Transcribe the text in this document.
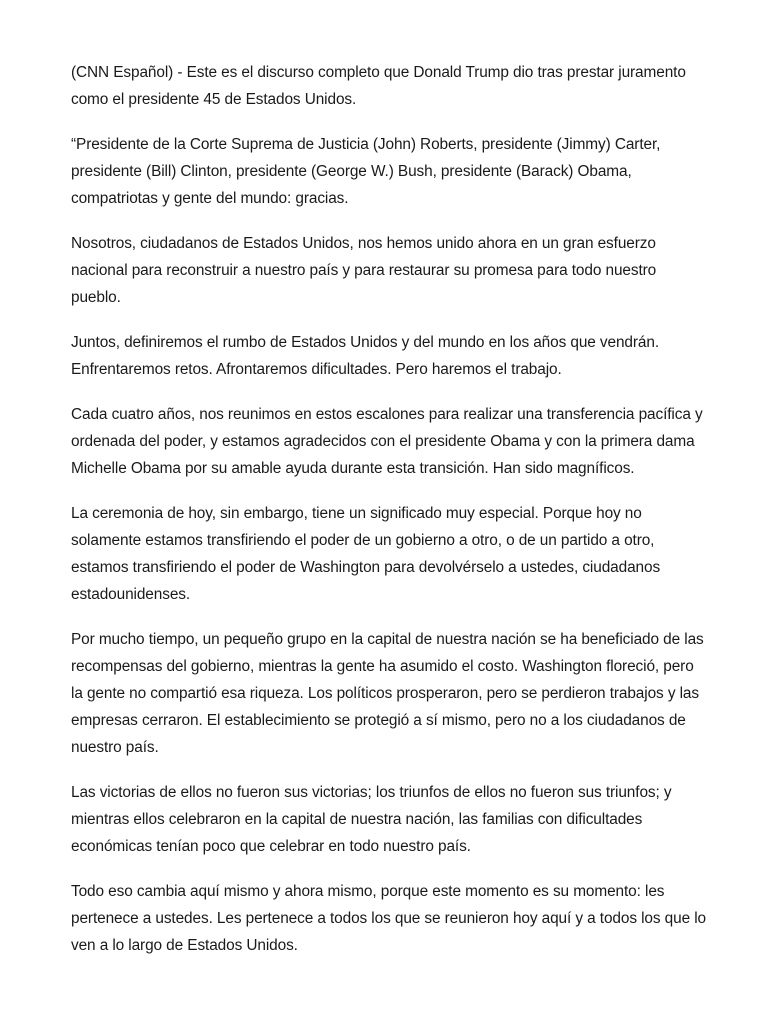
(CNN Español) - Este es el discurso completo que Donald Trump dio tras prestar juramento como el presidente 45 de Estados Unidos.

“Presidente de la Corte Suprema de Justicia (John) Roberts, presidente (Jimmy) Carter, presidente (Bill) Clinton, presidente (George W.) Bush, presidente (Barack) Obama, compatriotas y gente del mundo: gracias.

Nosotros, ciudadanos de Estados Unidos, nos hemos unido ahora en un gran esfuerzo nacional para reconstruir a nuestro país y para restaurar su promesa para todo nuestro pueblo.

Juntos, definiremos el rumbo de Estados Unidos y del mundo en los años que vendrán. Enfrentaremos retos. Afrontaremos dificultades. Pero haremos el trabajo.

Cada cuatro años, nos reunimos en estos escalones para realizar una transferencia pacífica y ordenada del poder, y estamos agradecidos con el presidente Obama y con la primera dama Michelle Obama por su amable ayuda durante esta transición. Han sido magníficos.

La ceremonia de hoy, sin embargo, tiene un significado muy especial. Porque hoy no solamente estamos transfiriendo el poder de un gobierno a otro, o de un partido a otro, estamos transfiriendo el poder de Washington para devolvérselo a ustedes, ciudadanos estadounidenses.

Por mucho tiempo, un pequeño grupo en la capital de nuestra nación se ha beneficiado de las recompensas del gobierno, mientras la gente ha asumido el costo. Washington floreció, pero la gente no compartió esa riqueza. Los políticos prosperaron, pero se perdieron trabajos y las empresas cerraron. El establecimiento se protegió a sí mismo, pero no a los ciudadanos de nuestro país.

Las victorias de ellos no fueron sus victorias; los triunfos de ellos no fueron sus triunfos; y mientras ellos celebraron en la capital de nuestra nación, las familias con dificultades económicas tenían poco que celebrar en todo nuestro país.

Todo eso cambia aquí mismo y ahora mismo, porque este momento es su momento: les pertenece a ustedes. Les pertenece a todos los que se reunieron hoy aquí y a todos los que lo ven a lo largo de Estados Unidos.
